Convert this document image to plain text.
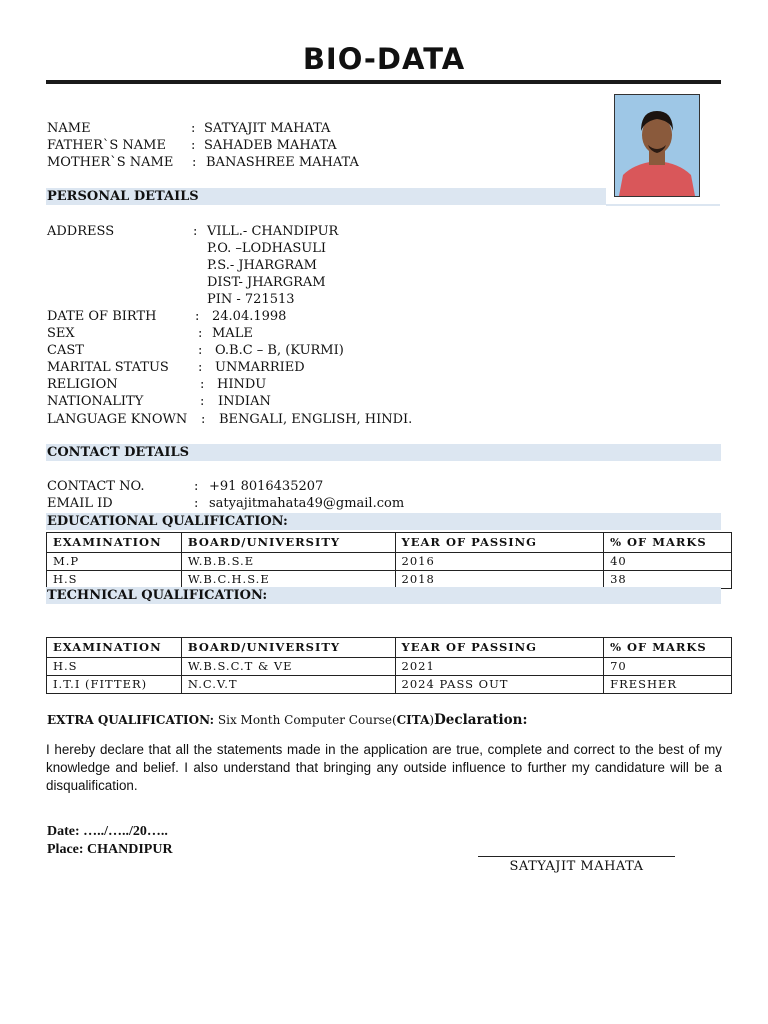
BIO-DATA
NAME	: SATYAJIT MAHATA
FATHER`S NAME : SAHADEB MAHATA
MOTHER`S NAME : BANASHREE MAHATA
PERSONAL DETAILS
ADDRESS	: VILL.- CHANDIPUR
P.O. –LODHASULI
P.S.- JHARGRAM
DIST- JHARGRAM
PIN - 721513
DATE OF BIRTH	: 24.04.1998
SEX	: MALE
CAST	: O.B.C – B, (KURMI)
MARITAL STATUS : UNMARRIED
RELIGION	: HINDU
NATIONALITY	: INDIAN
LANGUAGE KNOWN : BENGALI, ENGLISH, HINDI.
CONTACT DETAILS
CONTACT NO.	: +91 8016435207
EMAIL ID	: satyajitmahata49@gmail.com
EDUCATIONAL QUALIFICATION:
EXAMINATION	BOARD/UNIVERSITY	YEAR OF PASSING	% OF MARKS
M.P	W.B.B.S.E	2016	40
H.S	W.B.C.H.S.E	2018	38
TECHNICAL QUALIFICATION:
EXAMINATION	BOARD/UNIVERSITY	YEAR OF PASSING	% OF MARKS
H.S	W.B.S.C.T & VE	2021	70
I.T.I (FITTER)	N.C.V.T	2024 PASS OUT	FRESHER
EXTRA QUALIFICATION: Six Month Computer Course(CITA)Declaration:
I hereby declare that all the statements made in the application are true, complete and correct to the best of my knowledge and belief. I also understand that bringing any outside influence to further my candidature will be a disqualification.
Date: …../…../20…..
Place: CHANDIPUR
SATYAJIT MAHATA
